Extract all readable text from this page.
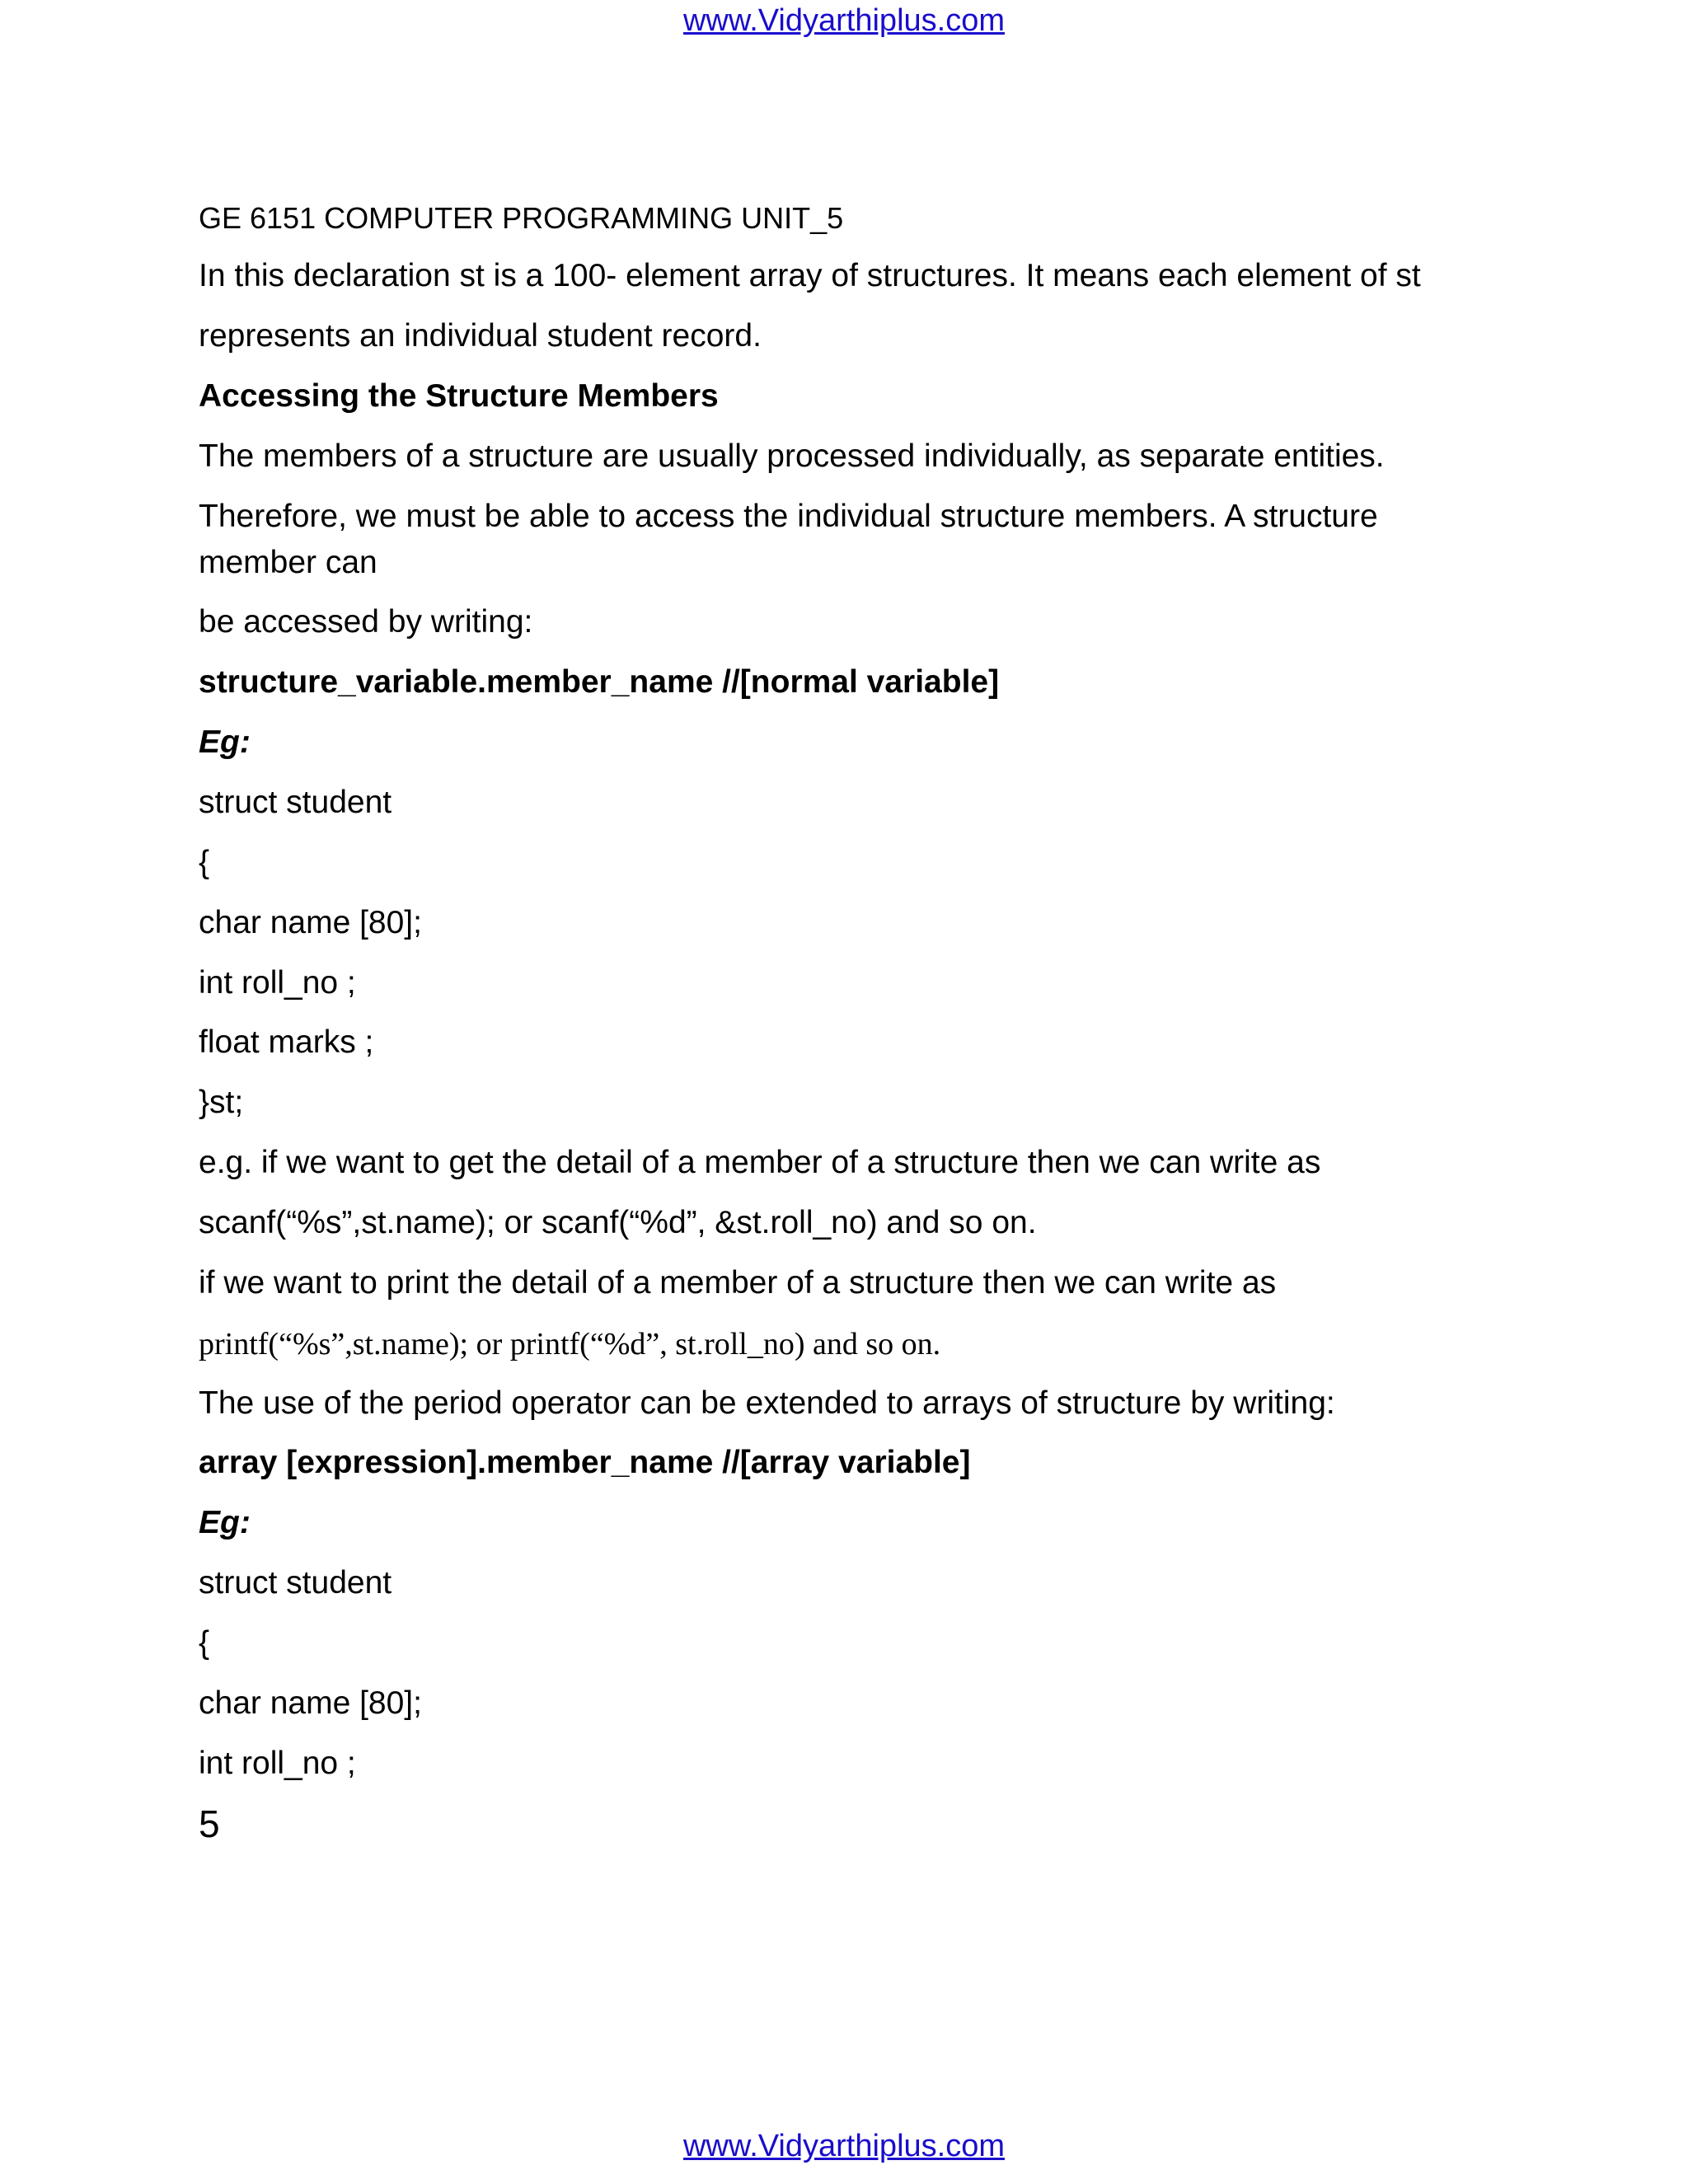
www.Vidyarthiplus.com
GE 6151 COMPUTER PROGRAMMING UNIT_5
In this declaration st is a 100- element array of structures. It means each element of st
represents an individual student record.
Accessing the Structure Members
The members of a structure are usually processed individually, as separate entities.
Therefore, we must be able to access the individual structure members. A structure
member can
be accessed by writing:
structure_variable.member_name //[normal variable]
Eg:
struct student
{
char name [80];
int roll_no ;
float marks ;
}st;
e.g. if we want to get the detail of a member of a structure then we can write as
scanf(“%s”,st.name); or scanf(“%d”, &st.roll_no) and so on.
if we want to print the detail of a member of a structure then we can write as
printf(“%s”,st.name); or printf(“%d”, st.roll_no) and so on.
The use of the period operator can be extended to arrays of structure by writing:
array [expression].member_name //[array variable]
Eg:
struct student
{
char name [80];
int roll_no ;
5
www.Vidyarthiplus.com
